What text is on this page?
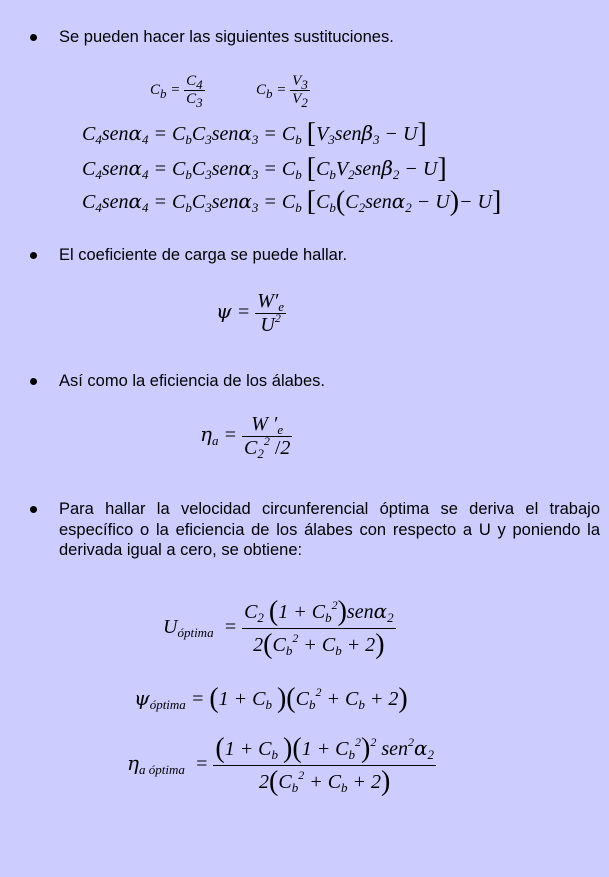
Se pueden hacer las siguientes sustituciones.
$C_b = \frac{C_4}{C_3}$	$C_b = \frac{V_3}{V_2}$
$C_4sen\alpha_4 = C_bC_3sen\alpha_3 = C_b$ $[V_3sen\beta_3 - U]$
$C_4sen\alpha_4 = C_bC_3sen\alpha_3 = C_b$ $[C_bV_2sen\beta_2 - U]$
$C_4sen\alpha_4 = C_bC_3sen\alpha_3 = C_b$ $[C_b(C_2sen\alpha_2 - U)- U]$
El coeficiente de carga se puede hallar.
$\psi = \frac{W'_e}{U^2}$
Así como la eficiencia de los álabes.
$\eta_a = \frac{W '_e}{C_2^2 /2}$
Para hallar la velocidad circunferencial óptima se deriva el trabajo específico o la eficiencia de los álabes con respecto a U y poniendo la derivada igual a cero, se obtiene:
$U_{óptima} = \frac{C_2 (1 + C_b^2)sen\alpha_2}{2(C_b^2 + C_b + 2)}$
$\psi_{óptima} = (1 + C_b$ )$(C_b^2 + C_b + 2)$
$\eta_{a óptima} = \frac{(1 + C_b )(1 + C_b^2)^2 sen^2\alpha_2}{2(C_b^2 + C_b + 2)}$
